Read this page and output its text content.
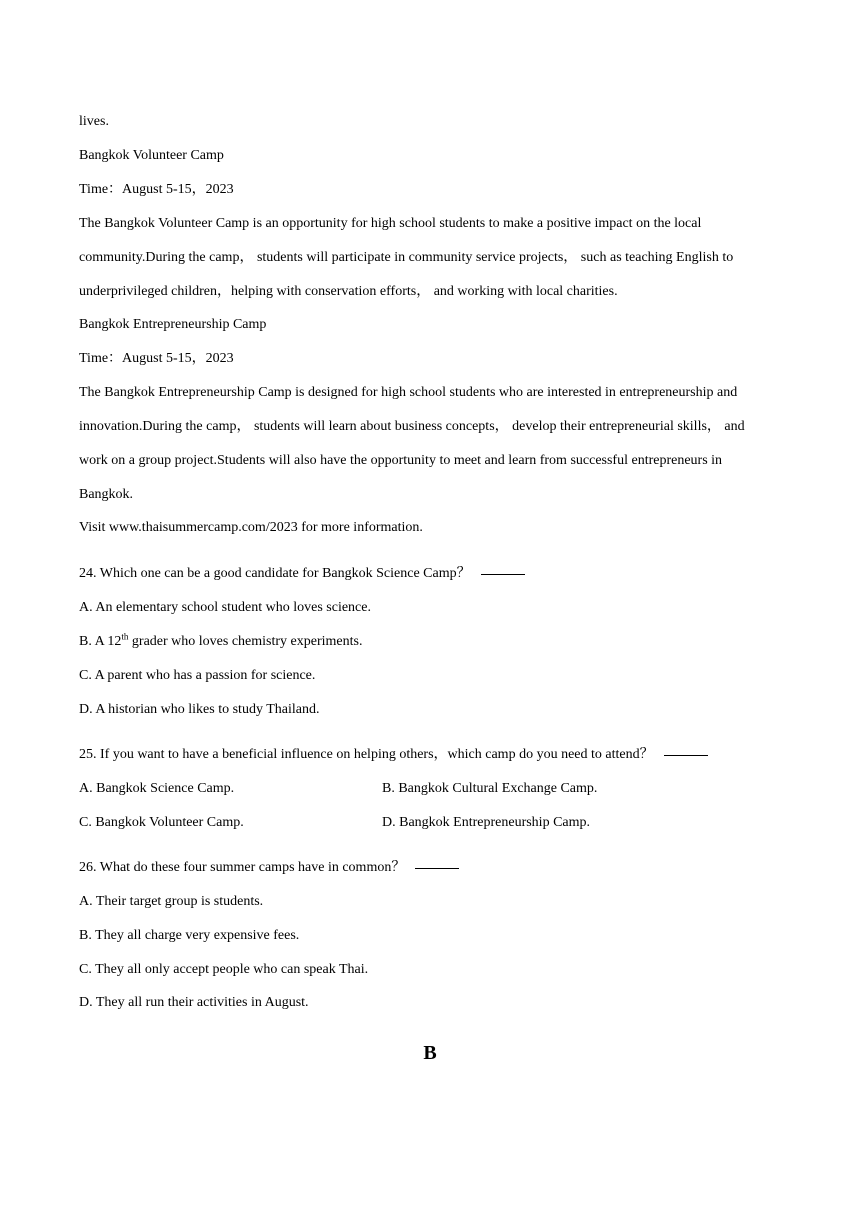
lives.
Bangkok Volunteer Camp
Time：August 5-15，2023
The Bangkok Volunteer Camp is an opportunity for high school students to make a positive impact on the local
community.During the camp， students will participate in community service projects， such as teaching English to
underprivileged children，helping with conservation efforts， and working with local charities.
Bangkok Entrepreneurship Camp
Time：August 5-15，2023
The Bangkok Entrepreneurship Camp is designed for high school students who are interested in entrepreneurship and
innovation.During the camp， students will learn about business concepts， develop their entrepreneurial skills， and
work on a group project.Students will also have the opportunity to meet and learn from successful entrepreneurs in
Bangkok.
Visit www.thaisummercamp.com/2023 for more information.
24. Which one can be a good candidate for Bangkok Science Camp？
A. An elementary school student who loves science.
B. A 12th grader who loves chemistry experiments.
C. A parent who has a passion for science.
D. A historian who likes to study Thailand.
25. If you want to have a beneficial influence on helping others，which camp do you need to attend？
A. Bangkok Science Camp.	B. Bangkok Cultural Exchange Camp.
C. Bangkok Volunteer Camp.	D. Bangkok Entrepreneurship Camp.
26. What do these four summer camps have in common？
A. Their target group is students.
B. They all charge very expensive fees.
C. They all only accept people who can speak Thai.
D. They all run their activities in August.
B
